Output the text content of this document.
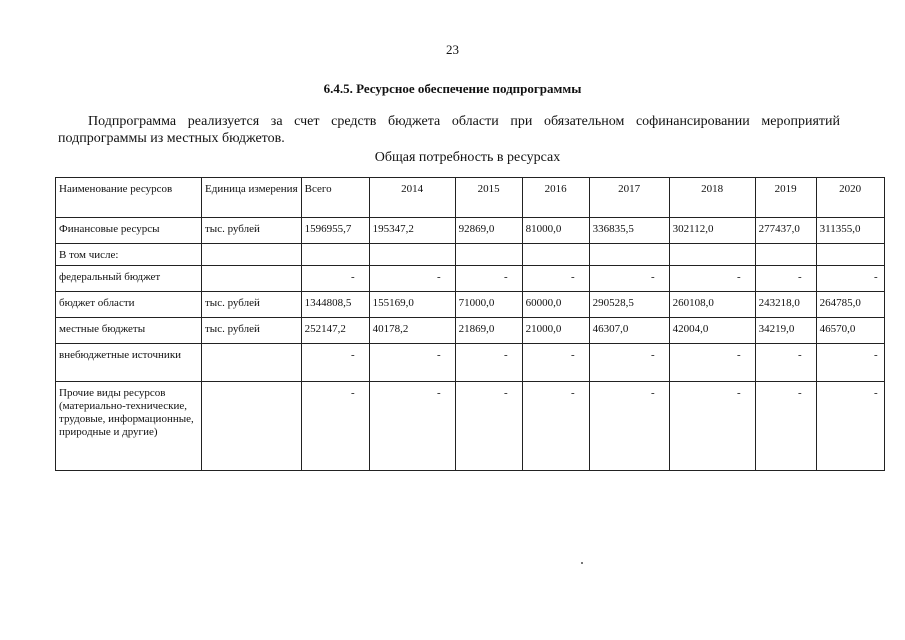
23
6.4.5. Ресурсное обеспечение подпрограммы
Подпрограмма реализуется за счет средств бюджета области при обязательном софинансировании мероприятий подпрограммы из местных бюджетов.
Общая потребность в ресурсах
Наименование ресурсов	Единица измерения	Всего	2014	2015	2016	2017	2018	2019	2020
Финансовые ресурсы	тыс. рублей	1596955,7	195347,2	92869,0	81000,0	336835,5	302112,0	277437,0	311355,0
В том числе:									
федеральный бюджет		-	-	-	-	-	-	-	-
бюджет области	тыс. рублей	1344808,5	155169,0	71000,0	60000,0	290528,5	260108,0	243218,0	264785,0
местные бюджеты	тыс. рублей	252147,2	40178,2	21869,0	21000,0	46307,0	42004,0	34219,0	46570,0
внебюджетные источники		-	-	-	-	-	-	-	-
Прочие виды ресурсов (материально-технические, трудовые, информационные, природные и другие)		-	-	-	-	-	-	-	-
